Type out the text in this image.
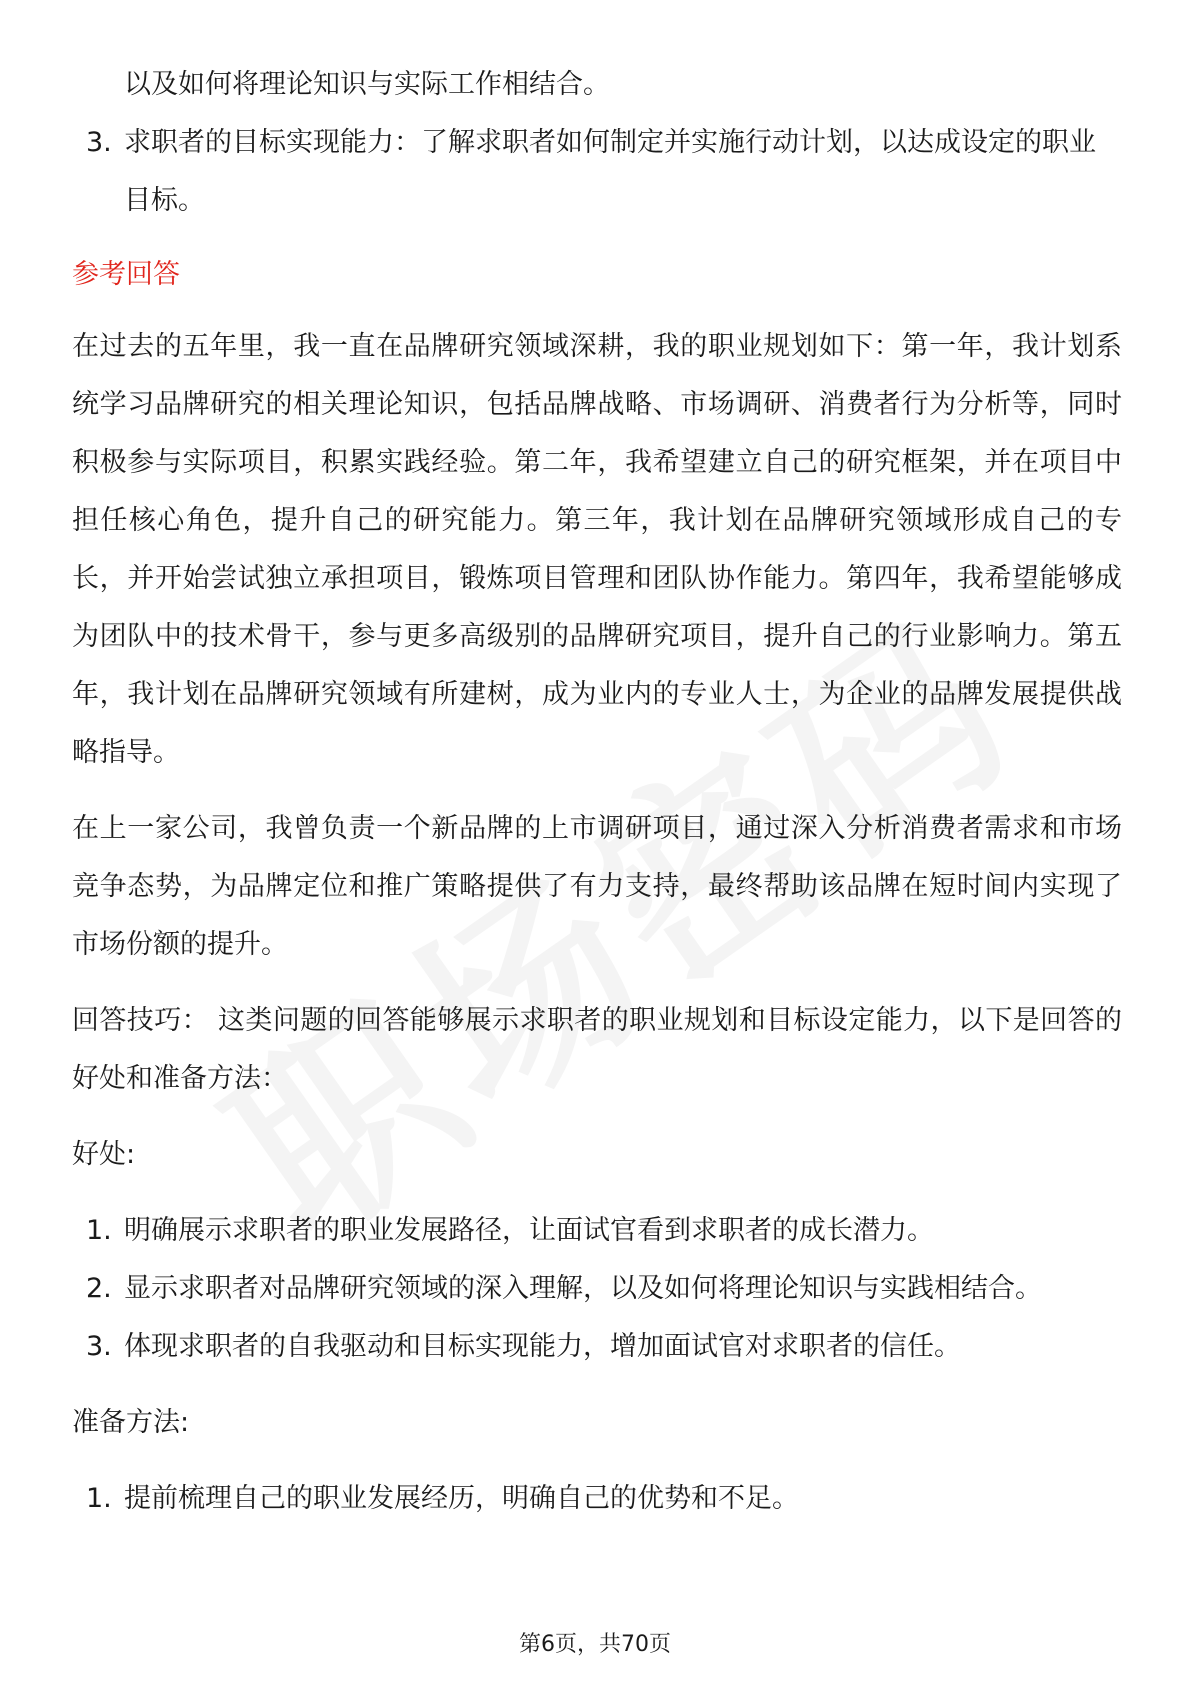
以及如何将理论知识与实际工作相结合。
3. 求职者的目标实现能力：了解求职者如何制定并实施行动计划，以达成设定的职业目标。
参考回答

在过去的五年里，我一直在品牌研究领域深耕，我的职业规划如下：第一年，我计划系统学习品牌研究的相关理论知识，包括品牌战略、市场调研、消费者行为分析等，同时积极参与实际项目，积累实践经验。第二年，我希望建立自己的研究框架，并在项目中担任核心角色，提升自己的研究能力。第三年，我计划在品牌研究领域形成自己的专长，并开始尝试独立承担项目，锻炼项目管理和团队协作能力。第四年，我希望能够成为团队中的技术骨干，参与更多高级别的品牌研究项目，提升自己的行业影响力。第五年，我计划在品牌研究领域有所建树，成为业内的专业人士，为企业的品牌发展提供战略指导。

在上一家公司，我曾负责一个新品牌的上市调研项目，通过深入分析消费者需求和市场竞争态势，为品牌定位和推广策略提供了有力支持，最终帮助该品牌在短时间内实现了市场份额的提升。

回答技巧： 这类问题的回答能够展示求职者的职业规划和目标设定能力，以下是回答的好处和准备方法：

好处:

1. 明确展示求职者的职业发展路径，让面试官看到求职者的成长潜力。
2. 显示求职者对品牌研究领域的深入理解，以及如何将理论知识与实践相结合。
3. 体现求职者的自我驱动和目标实现能力，增加面试官对求职者的信任。

准备方法:

1. 提前梳理自己的职业发展经历，明确自己的优势和不足。
第6页，共70页
